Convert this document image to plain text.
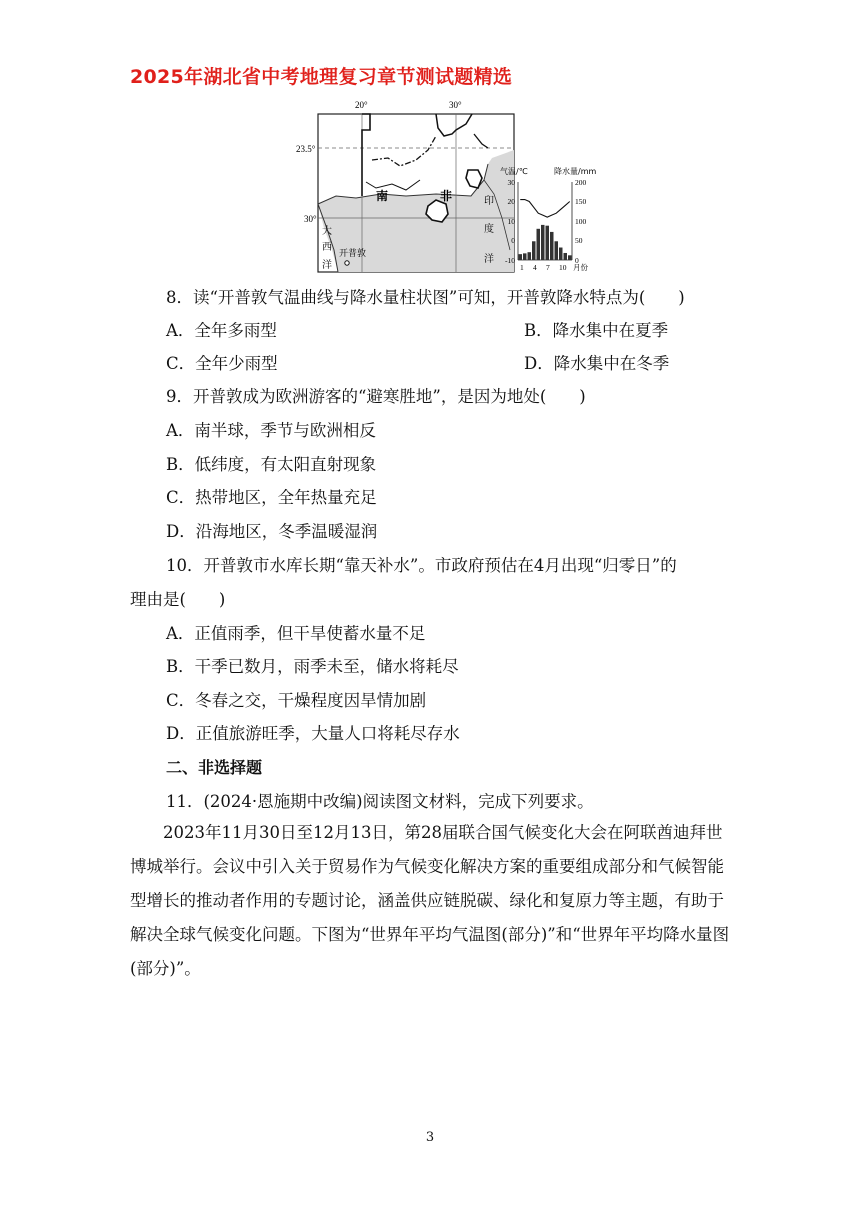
2025年湖北省中考地理复习章节测试题精选
20°	30°
23.5°
30°
南	非
大
西
洋
印
度
洋
开普敦
气温/℃	降水量/mm
30
20
10
0
-10
200
150
100
50
0
1 4 7 10 月份
8．读“开普敦气温曲线与降水量柱状图”可知，开普敦降水特点为(　　)
A．全年多雨型	B．降水集中在夏季
C．全年少雨型	D．降水集中在冬季
9．开普敦成为欧洲游客的“避寒胜地”，是因为地处(　　)
A．南半球，季节与欧洲相反
B．低纬度，有太阳直射现象
C．热带地区，全年热量充足
D．沿海地区，冬季温暖湿润
10．开普敦市水库长期“靠天补水”。市政府预估在4月出现“归零日”的
理由是(　　)
A．正值雨季，但干旱使蓄水量不足
B．干季已数月，雨季未至，储水将耗尽
C．冬春之交，干燥程度因旱情加剧
D．正值旅游旺季，大量人口将耗尽存水
二、非选择题
11．(2024·恩施期中改编)阅读图文材料，完成下列要求。
2023年11月30日至12月13日，第28届联合国气候变化大会在阿联酋迪拜世博城举行。会议中引入关于贸易作为气候变化解决方案的重要组成部分和气候智能型增长的推动者作用的专题讨论，涵盖供应链脱碳、绿化和复原力等主题，有助于解决全球气候变化问题。下图为“世界年平均气温图(部分)”和“世界年平均降水量图(部分)”。
3
